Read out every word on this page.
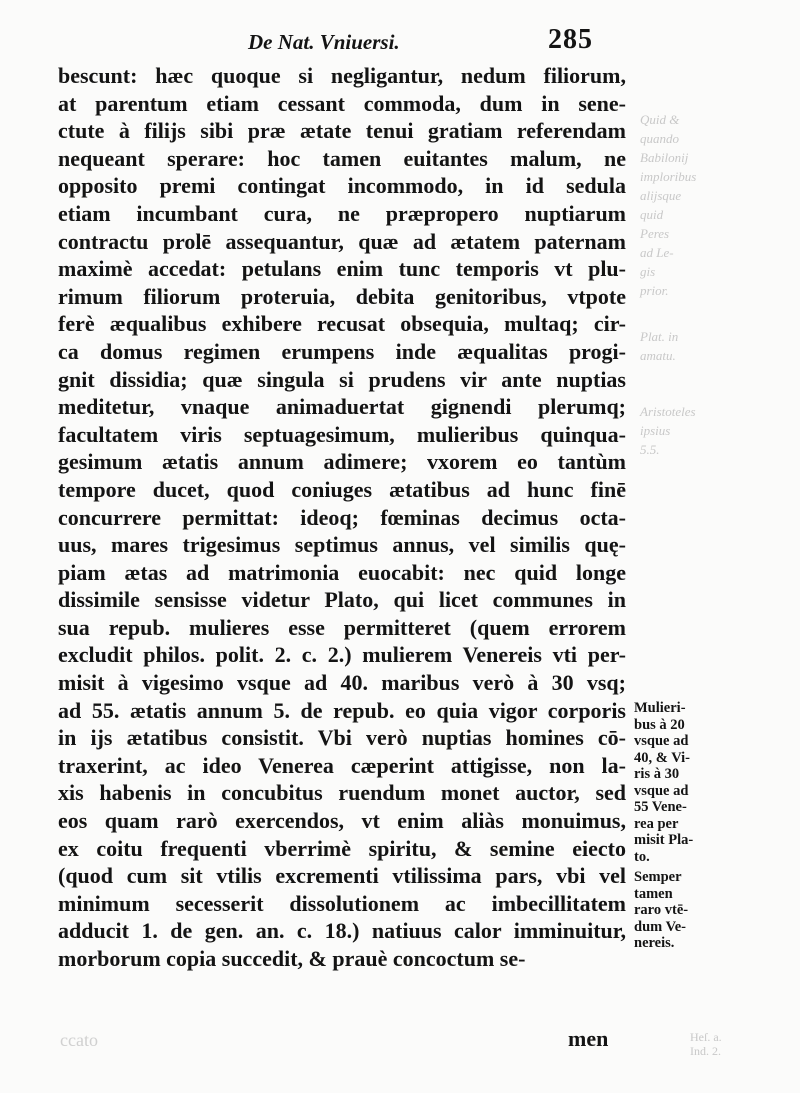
De Nat. Vniuersi.	285
Quid &
quando
Babilonij
imploribus
alijsque
quid
Peres
ad Le-
gis
prior.
Plat. in
amatu.
Aristoteles
ipsius
5.5.
bescunt: hæc quoque si negligantur, nedum filiorum,
at parentum etiam cessant commoda, dum in sene-
ctute à filijs sibi præ ætate tenui gratiam referendam
nequeant sperare: hoc tamen euitantes malum, ne
opposito premi contingat incommodo, in id sedula
etiam incumbant cura, ne præpropero nuptiarum
contractu prolē assequantur, quæ ad ætatem paternam
maximè accedat: petulans enim tunc temporis vt plu-
rimum filiorum proteruia, debita genitoribus, vtpote
ferè æqualibus exhibere recusat obsequia, multaq; cir-
ca domus regimen erumpens inde æqualitas progi-
gnit dissidia; quæ singula si prudens vir ante nuptias
meditetur, vnaque animaduertat gignendi plerumq;
facultatem viris septuagesimum, mulieribus quinqua-
gesimum ætatis annum adimere; vxorem eo tantùm
tempore ducet, quod coniuges ætatibus ad hunc finē
concurrere permittat: ideoq; fœminas decimus octa-
uus, mares trigesimus septimus annus, vel similis quę-
piam ætas ad matrimonia euocabit: nec quid longe
dissimile sensisse videtur Plato, qui licet communes in
sua repub. mulieres esse permitteret (quem errorem
excludit philos. polit. 2. c. 2.) mulierem Venereis vti per-
misit à vigesimo vsque ad 40. maribus verò à 30 vsq;
ad 55. ætatis annum 5. de repub. eo quia vigor corporis
in ijs ætatibus consistit. Vbi verò nuptias homines cō-
traxerint, ac ideo Venerea cæperint attigisse, non la-
xis habenis in concubitus ruendum monet auctor, sed
eos quam rarò exercendos, vt enim aliàs monuimus,
ex coitu frequenti vberrimè spiritu, & semine eiecto
(quod cum sit vtilis excrementi vtilissima pars, vbi vel
minimum secesserit dissolutionem ac imbecillitatem
adducit 1. de gen. an. c. 18.) natiuus calor imminuitur,
morborum copia succedit, & prauè concoctum se-
men
Mulieri-
bus à 20
vsque ad
40, & Vi-
ris à 30
vsque ad
55 Vene-
rea per
misit Pla-
to.
Semper
tamen
raro vtē-
dum Ve-
nereis.
ccato	Heſ. a.
Ind. 2.
